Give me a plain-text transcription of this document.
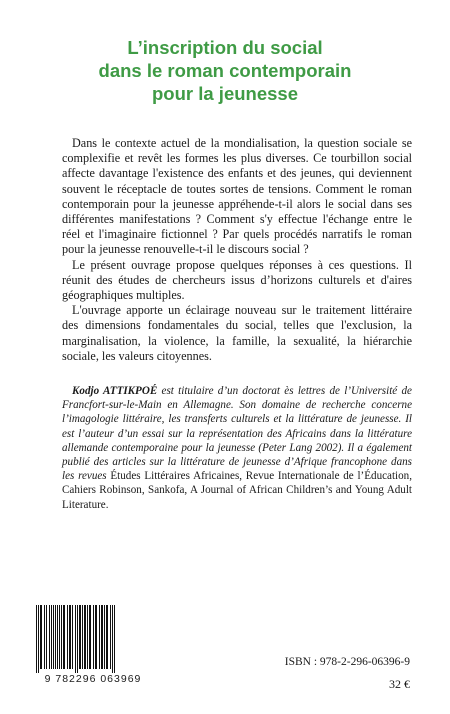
L’inscription du social
dans le roman contemporain
pour la jeunesse

Dans le contexte actuel de la mondialisation, la question sociale se complexifie et revêt les formes les plus diverses. Ce tourbillon social affecte davantage l'existence des enfants et des jeunes, qui deviennent souvent le réceptacle de toutes sortes de tensions. Comment le roman contemporain pour la jeunesse appréhende-t-il alors le social dans ses différentes manifestations ? Comment s'y effectue l'échange entre le réel et l'imaginaire fictionnel ? Par quels procédés narratifs le roman pour la jeunesse renouvelle-t-il le discours social ?

Le présent ouvrage propose quelques réponses à ces questions. Il réunit des études de chercheurs issus d’horizons culturels et d'aires géographiques multiples.

L'ouvrage apporte un éclairage nouveau sur le traitement littéraire des dimensions fondamentales du social, telles que l'exclusion, la marginalisation, la violence, la famille, la sexualité, la hiérarchie sociale, les valeurs citoyennes.

Kodjo ATTIKPOÉ est titulaire d’un doctorat ès lettres de l’Université de Francfort-sur-le-Main en Allemagne. Son domaine de recherche concerne l’imagologie littéraire, les transferts culturels et la littérature de jeunesse. Il est l’auteur d’un essai sur la représentation des Africains dans la littérature allemande contemporaine pour la jeunesse (Peter Lang 2002). Il a également publié des articles sur la littérature de jeunesse d’Afrique francophone dans les revues Études Littéraires Africaines, Revue Internationale de l’Éducation, Cahiers Robinson, Sankofa, A Journal of African Children’s and Young Adult Literature.
9 782296 063969
ISBN : 978-2-296-06396-9
32 €
